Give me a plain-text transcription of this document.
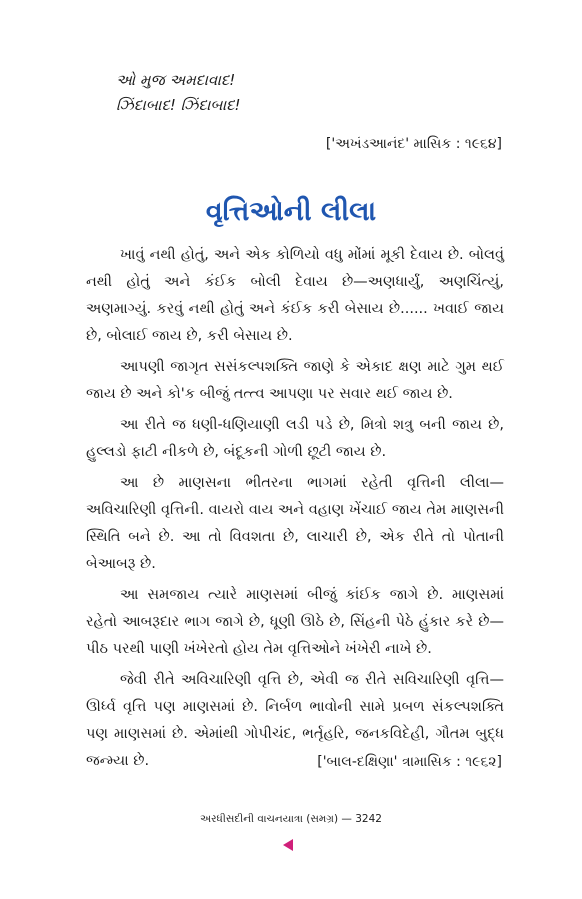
ઓ મુજ અમદાવાદ!
ઝિંદાબાદ! ઝિંદાબાદ!
['અખંડઆનંદ' માસિક : ૧૯૬૪]
વૃત્તિઓની લીલા

ખાવું નથી હોતું, અને એક કોળિયો વધુ મોંમાં મૂકી દેવાય છે. બોલવું નથી હોતું અને કંઈક બોલી દેવાય છે—અણધાર્યું, અણચિંત્યું, અણમાગ્યું. કરવું નથી હોતું અને કંઈક કરી બેસાય છે...... ખવાઈ જાય છે, બોલાઈ જાય છે, કરી બેસાય છે.

આપણી જાગૃત સસંકલ્પશક્તિ જાણે કે એકાદ ક્ષણ માટે ગુમ થઈ જાય છે અને કો'ક બીજું તત્ત્વ આપણા પર સવાર થઈ જાય છે.

આ રીતે જ ધણી-ધણિયાણી લડી પડે છે, મિત્રો શત્રુ બની જાય છે, હુલ્લડો ફાટી નીકળે છે, બંદૂકની ગોળી છૂટી જાય છે.

આ છે માણસના ભીતરના ભાગમાં રહેતી વૃત્તિની લીલા—અવિચારિણી વૃત્તિની. વાયરો વાય અને વહાણ ખેંચાઈ જાય તેમ માણસની સ્થિતિ બને છે. આ તો વિવશતા છે, લાચારી છે, એક રીતે તો પોતાની બેઆબરૂ છે.

આ સમજાય ત્યારે માણસમાં બીજું કાંઈક જાગે છે. માણસમાં રહેતો આબરૂદાર ભાગ જાગે છે, ધૂણી ઊઠે છે, સિંહની પેઠે હુંકાર કરે છે—પીઠ પરથી પાણી ખંખેરતો હોય તેમ વૃત્તિઓને ખંખેરી નાખે છે.

જેવી રીતે અવિચારિણી વૃત્તિ છે, એવી જ રીતે સવિચારિણી વૃત્તિ—ઊર્ધ્વ વૃત્તિ પણ માણસમાં છે. નિર્બળ ભાવોની સામે પ્રબળ સંકલ્પશક્તિ પણ માણસમાં છે. એમાંથી ગોપીચંદ, ભર્તૃહરિ, જનકવિદેહી, ગૌતમ બુદ્ધ જન્મ્યા છે.	['બાલ-દક્ષિણા' ત્રામાસિક : ૧૯૬૨]
અરધીસદીની વાચનયાત્રા (સમગ્ર) — 3242
